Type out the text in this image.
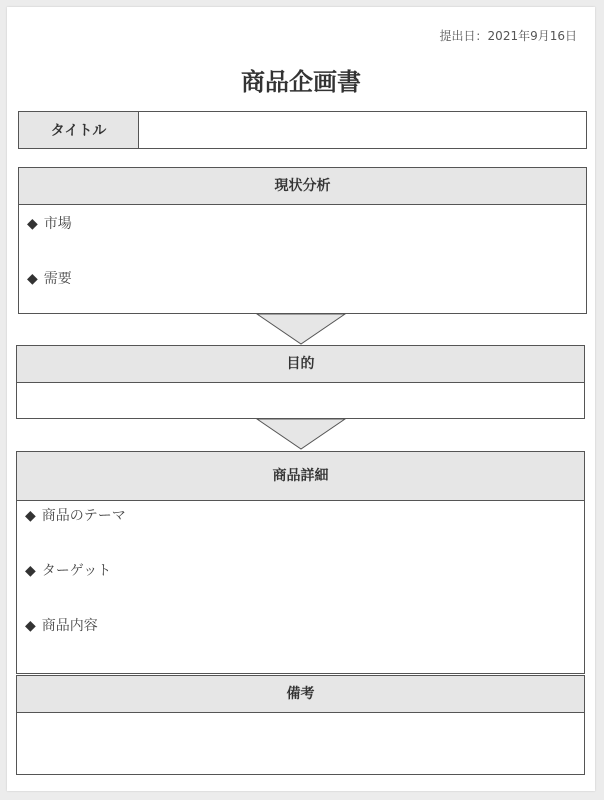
提出日：2021年9月16日
商品企画書
タイトル
現状分析
◆ 市場
◆ 需要
目的
商品詳細
◆ 商品のテーマ
◆ ターゲット
◆ 商品内容
備考
